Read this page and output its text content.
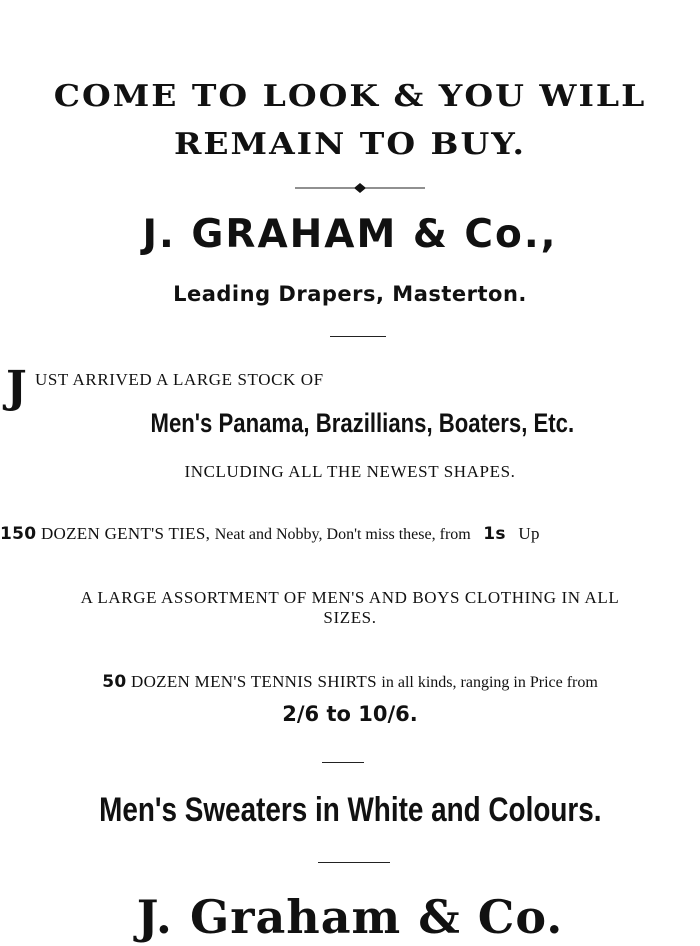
COME TO LOOK & YOU WILL
REMAIN TO BUY.
J. GRAHAM & Co.,
Leading Drapers, Masterton.
J UST ARRIVED A LARGE STOCK OF
Men's Panama, Brazillians, Boaters, Etc.
INCLUDING ALL THE NEWEST SHAPES.
150 DOZEN GENT'S TIES, Neat and Nobby, Don't miss these, from 1s Up
A LARGE ASSORTMENT OF MEN'S AND BOYS CLOTHING IN ALL
SIZES.
50 DOZEN MEN'S TENNIS SHIRTS in all kinds, ranging in Price from
2/6 to 10/6.
Men's Sweaters in White and Colours.
J. Graham & Co.
